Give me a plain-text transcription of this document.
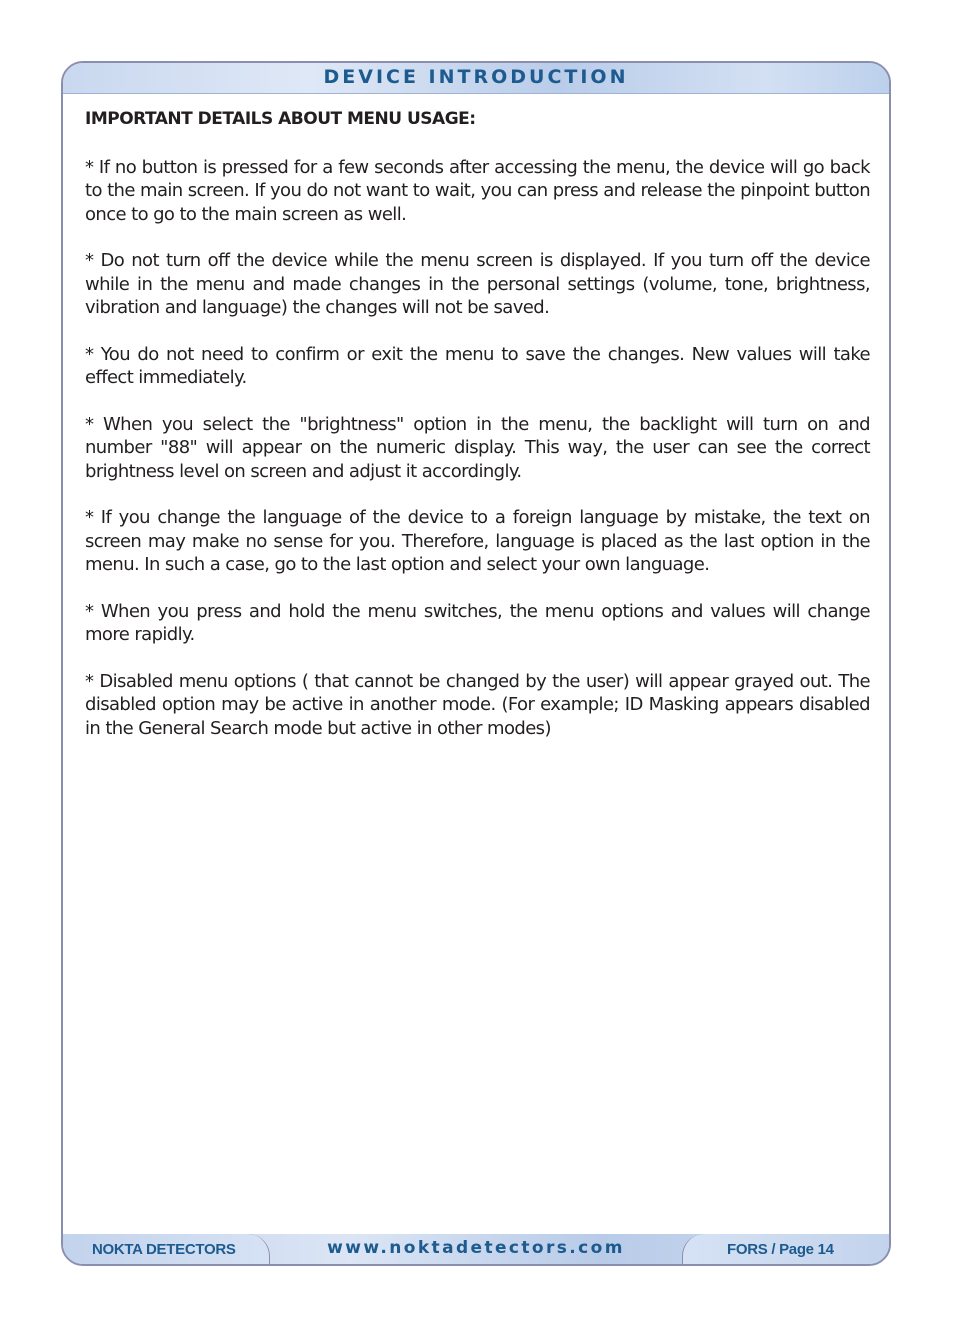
DEVICE INTRODUCTION

IMPORTANT DETAILS ABOUT MENU USAGE:

* If no button is pressed for a few seconds after accessing the menu, the device will go back to the main screen. If you do not want to wait, you can press and release the pinpoint button once to go to the main screen as well.

* Do not turn off the device while the menu screen is displayed. If you turn off the device while in the menu and made changes in the personal settings (volume, tone, brightness, vibration and language) the changes will not be saved.

* You do not need to confirm or exit the menu to save the changes. New values will take effect immediately.

* When you select the "brightness" option in the menu, the backlight will turn on and number "88" will appear on the numeric display. This way, the user can see the correct brightness level on screen and adjust it accordingly.

* If you change the language of the device to a foreign language by mistake, the text on screen may make no sense for you. Therefore, language is placed as the last option in the menu. In such a case, go to the last option and select your own language.

* When you press and hold the menu switches, the menu options and values will change more rapidly.

* Disabled menu options ( that cannot be changed by the user) will appear grayed out. The disabled option may be active in another mode. (For example; ID Masking appears disabled in the General Search mode but active in other modes)

NOKTA DETECTORS	www.noktadetectors.com	FORS / Page 14
